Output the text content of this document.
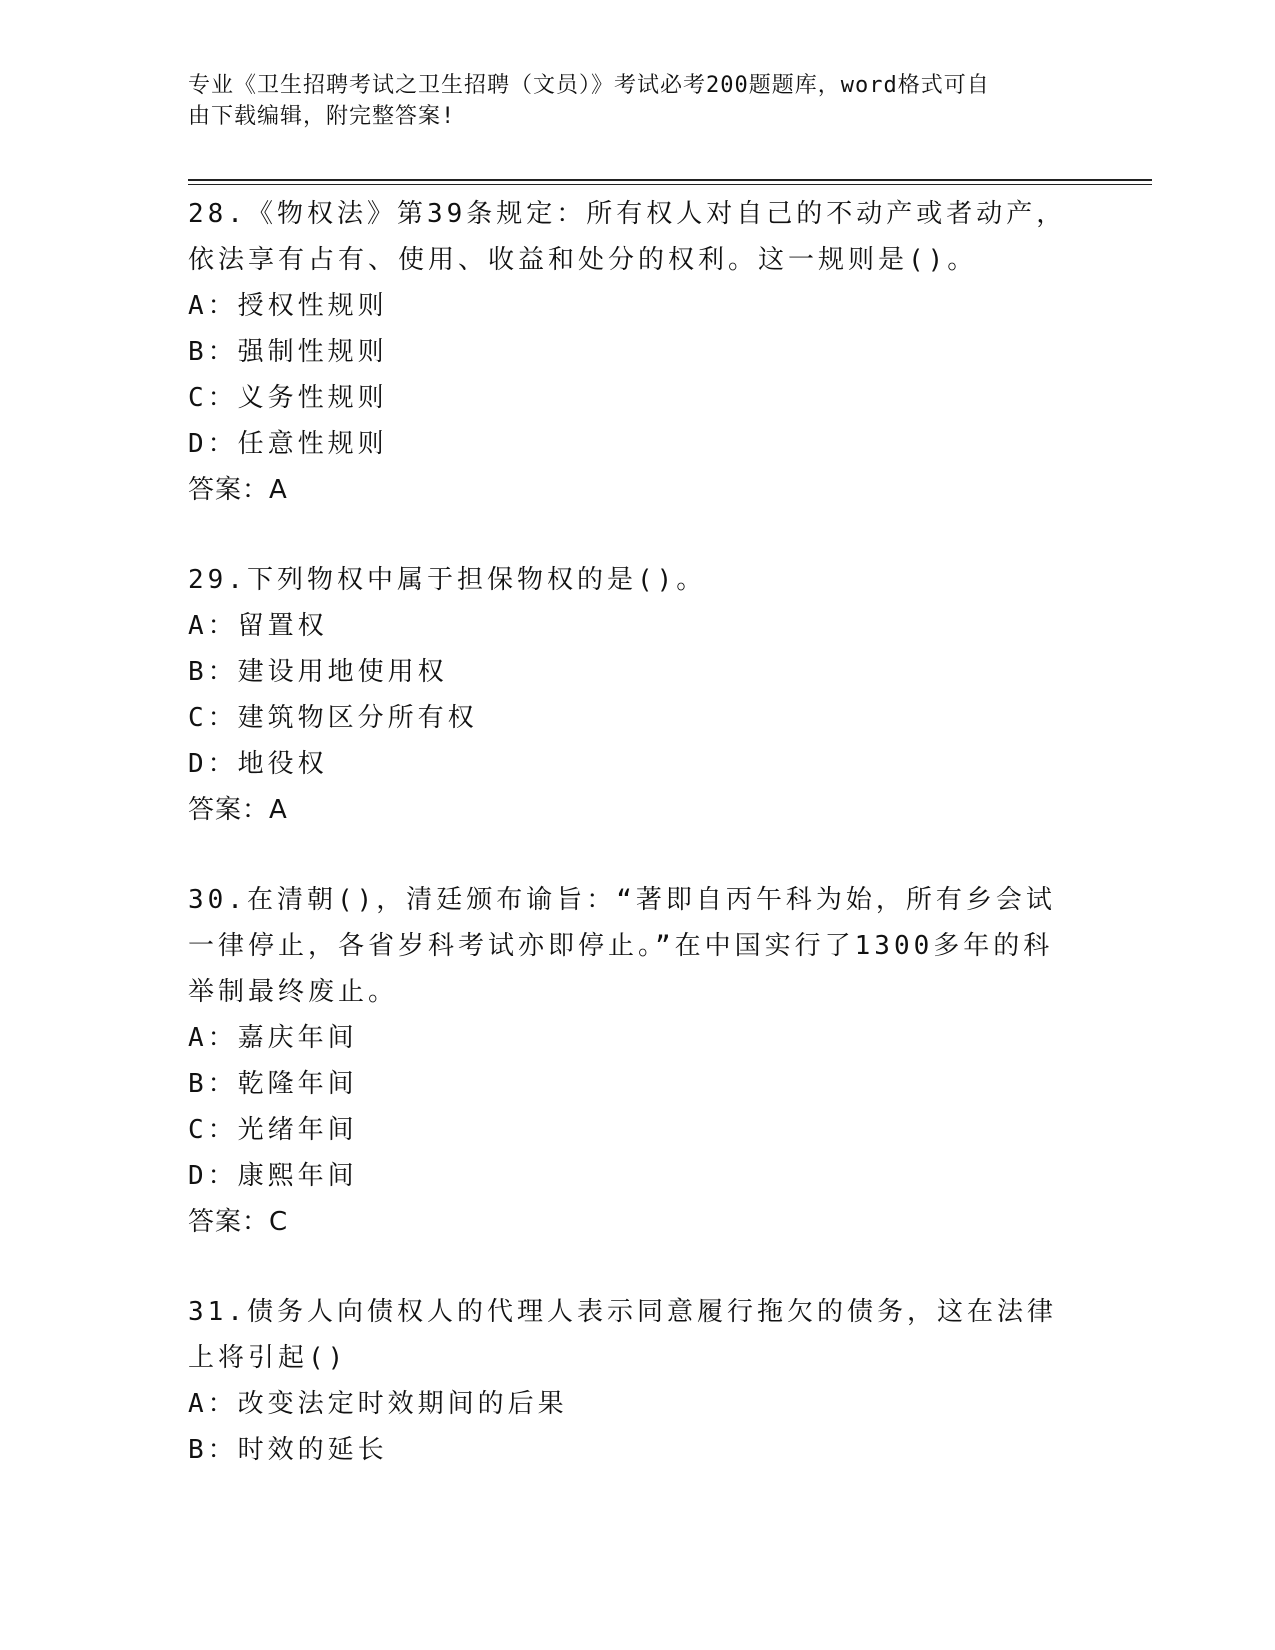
专业《卫生招聘考试之卫生招聘（文员）》考试必考200题题库，word格式可自
由下载编辑，附完整答案!

28.《物权法》第39条规定：所有权人对自己的不动产或者动产，依法享有占有、使用、收益和处分的权利。这一规则是()。

A：授权性规则

B：强制性规则

C：义务性规则

D：任意性规则

答案：A

29.下列物权中属于担保物权的是()。

A：留置权

B：建设用地使用权

C：建筑物区分所有权

D：地役权

答案：A

30.在清朝()，清廷颁布谕旨：“著即自丙午科为始，所有乡会试一律停止，各省岁科考试亦即停止。”在中国实行了1300多年的科举制最终废止。

A：嘉庆年间

B：乾隆年间

C：光绪年间

D：康熙年间

答案：C

31.债务人向债权人的代理人表示同意履行拖欠的债务，这在法律上将引起()

A：改变法定时效期间的后果

B：时效的延长
